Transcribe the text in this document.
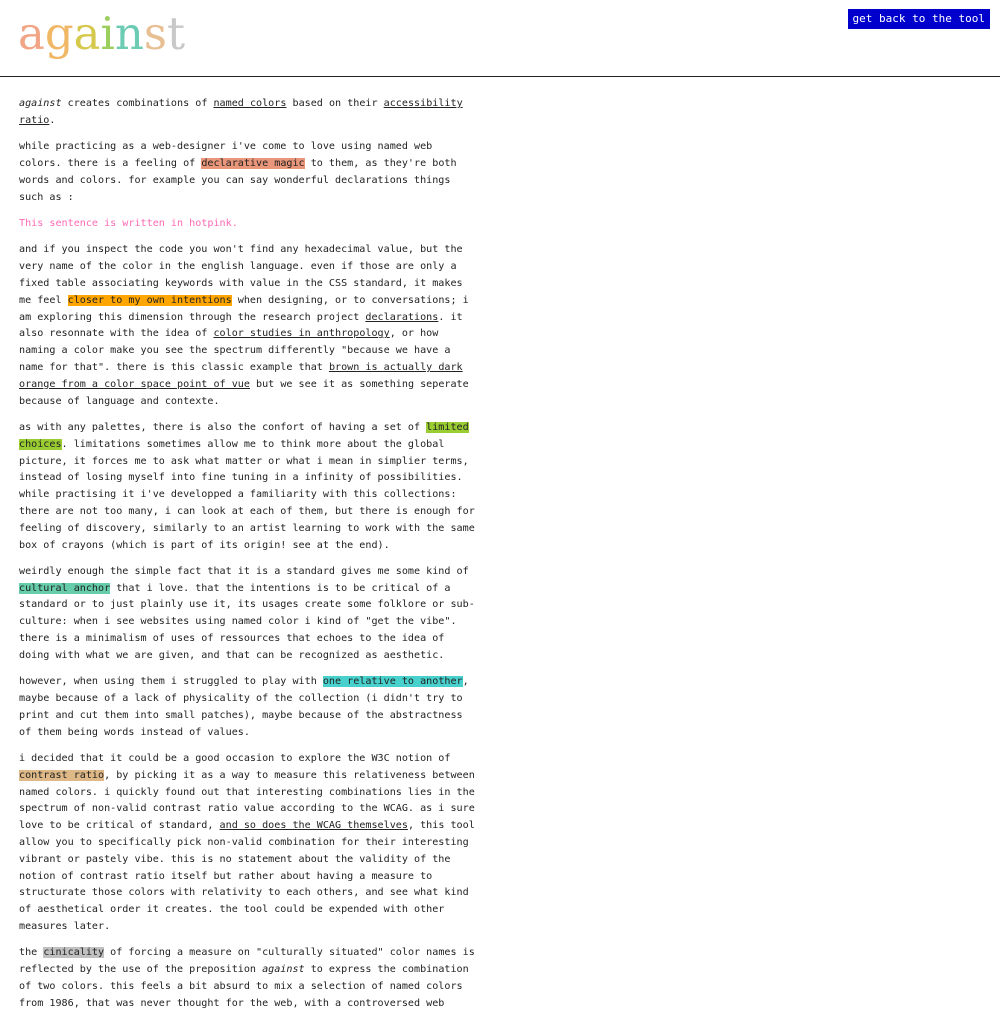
against	get back to the tool

against creates combinations of named colors based on their accessibility ratio.

while practicing as a web-designer i've come to love using named web colors. there is a feeling of declarative magic to them, as they're both words and colors. for example you can say wonderful declarations things such as :

This sentence is written in hotpink.

and if you inspect the code you won't find any hexadecimal value, but the very name of the color in the english language. even if those are only a fixed table associating keywords with value in the CSS standard, it makes me feel closer to my own intentions when designing, or to conversations; i am exploring this dimension through the research project declarations. it also resonnate with the idea of color studies in anthropology, or how naming a color make you see the spectrum differently "because we have a name for that". there is this classic example that brown is actually dark orange from a color space point of vue but we see it as something seperate because of language and contexte.

as with any palettes, there is also the confort of having a set of limited choices. limitations sometimes allow me to think more about the global picture, it forces me to ask what matter or what i mean in simplier terms, instead of losing myself into fine tuning in a infinity of possibilities. while practising it i've developped a familiarity with this collections: there are not too many, i can look at each of them, but there is enough for feeling of discovery, similarly to an artist learning to work with the same box of crayons (which is part of its origin! see at the end).

weirdly enough the simple fact that it is a standard gives me some kind of cultural anchor that i love. that the intentions is to be critical of a standard or to just plainly use it, its usages create some folklore or sub-culture: when i see websites using named color i kind of "get the vibe". there is a minimalism of uses of ressources that echoes to the idea of doing with what we are given, and that can be recognized as aesthetic.

however, when using them i struggled to play with one relative to another, maybe because of a lack of physicality of the collection (i didn't try to print and cut them into small patches), maybe because of the abstractness of them being words instead of values.

i decided that it could be a good occasion to explore the W3C notion of contrast ratio, by picking it as a way to measure this relativeness between named colors. i quickly found out that interesting combinations lies in the spectrum of non-valid contrast ratio value according to the WCAG. as i sure love to be critical of standard, and so does the WCAG themselves, this tool allow you to specifically pick non-valid combination for their interesting vibrant or pastely vibe. this is no statement about the validity of the notion of contrast ratio itself but rather about having a measure to structurate those colors with relativity to each others, and see what kind of aesthetical order it creates. the tool could be expended with other measures later.

the cinicality of forcing a measure on "culturally situated" color names is reflected by the use of the preposition against to express the combination of two colors. this feels a bit absurd to mix a selection of named colors from 1986, that was never thought for the web, with a controversed web
